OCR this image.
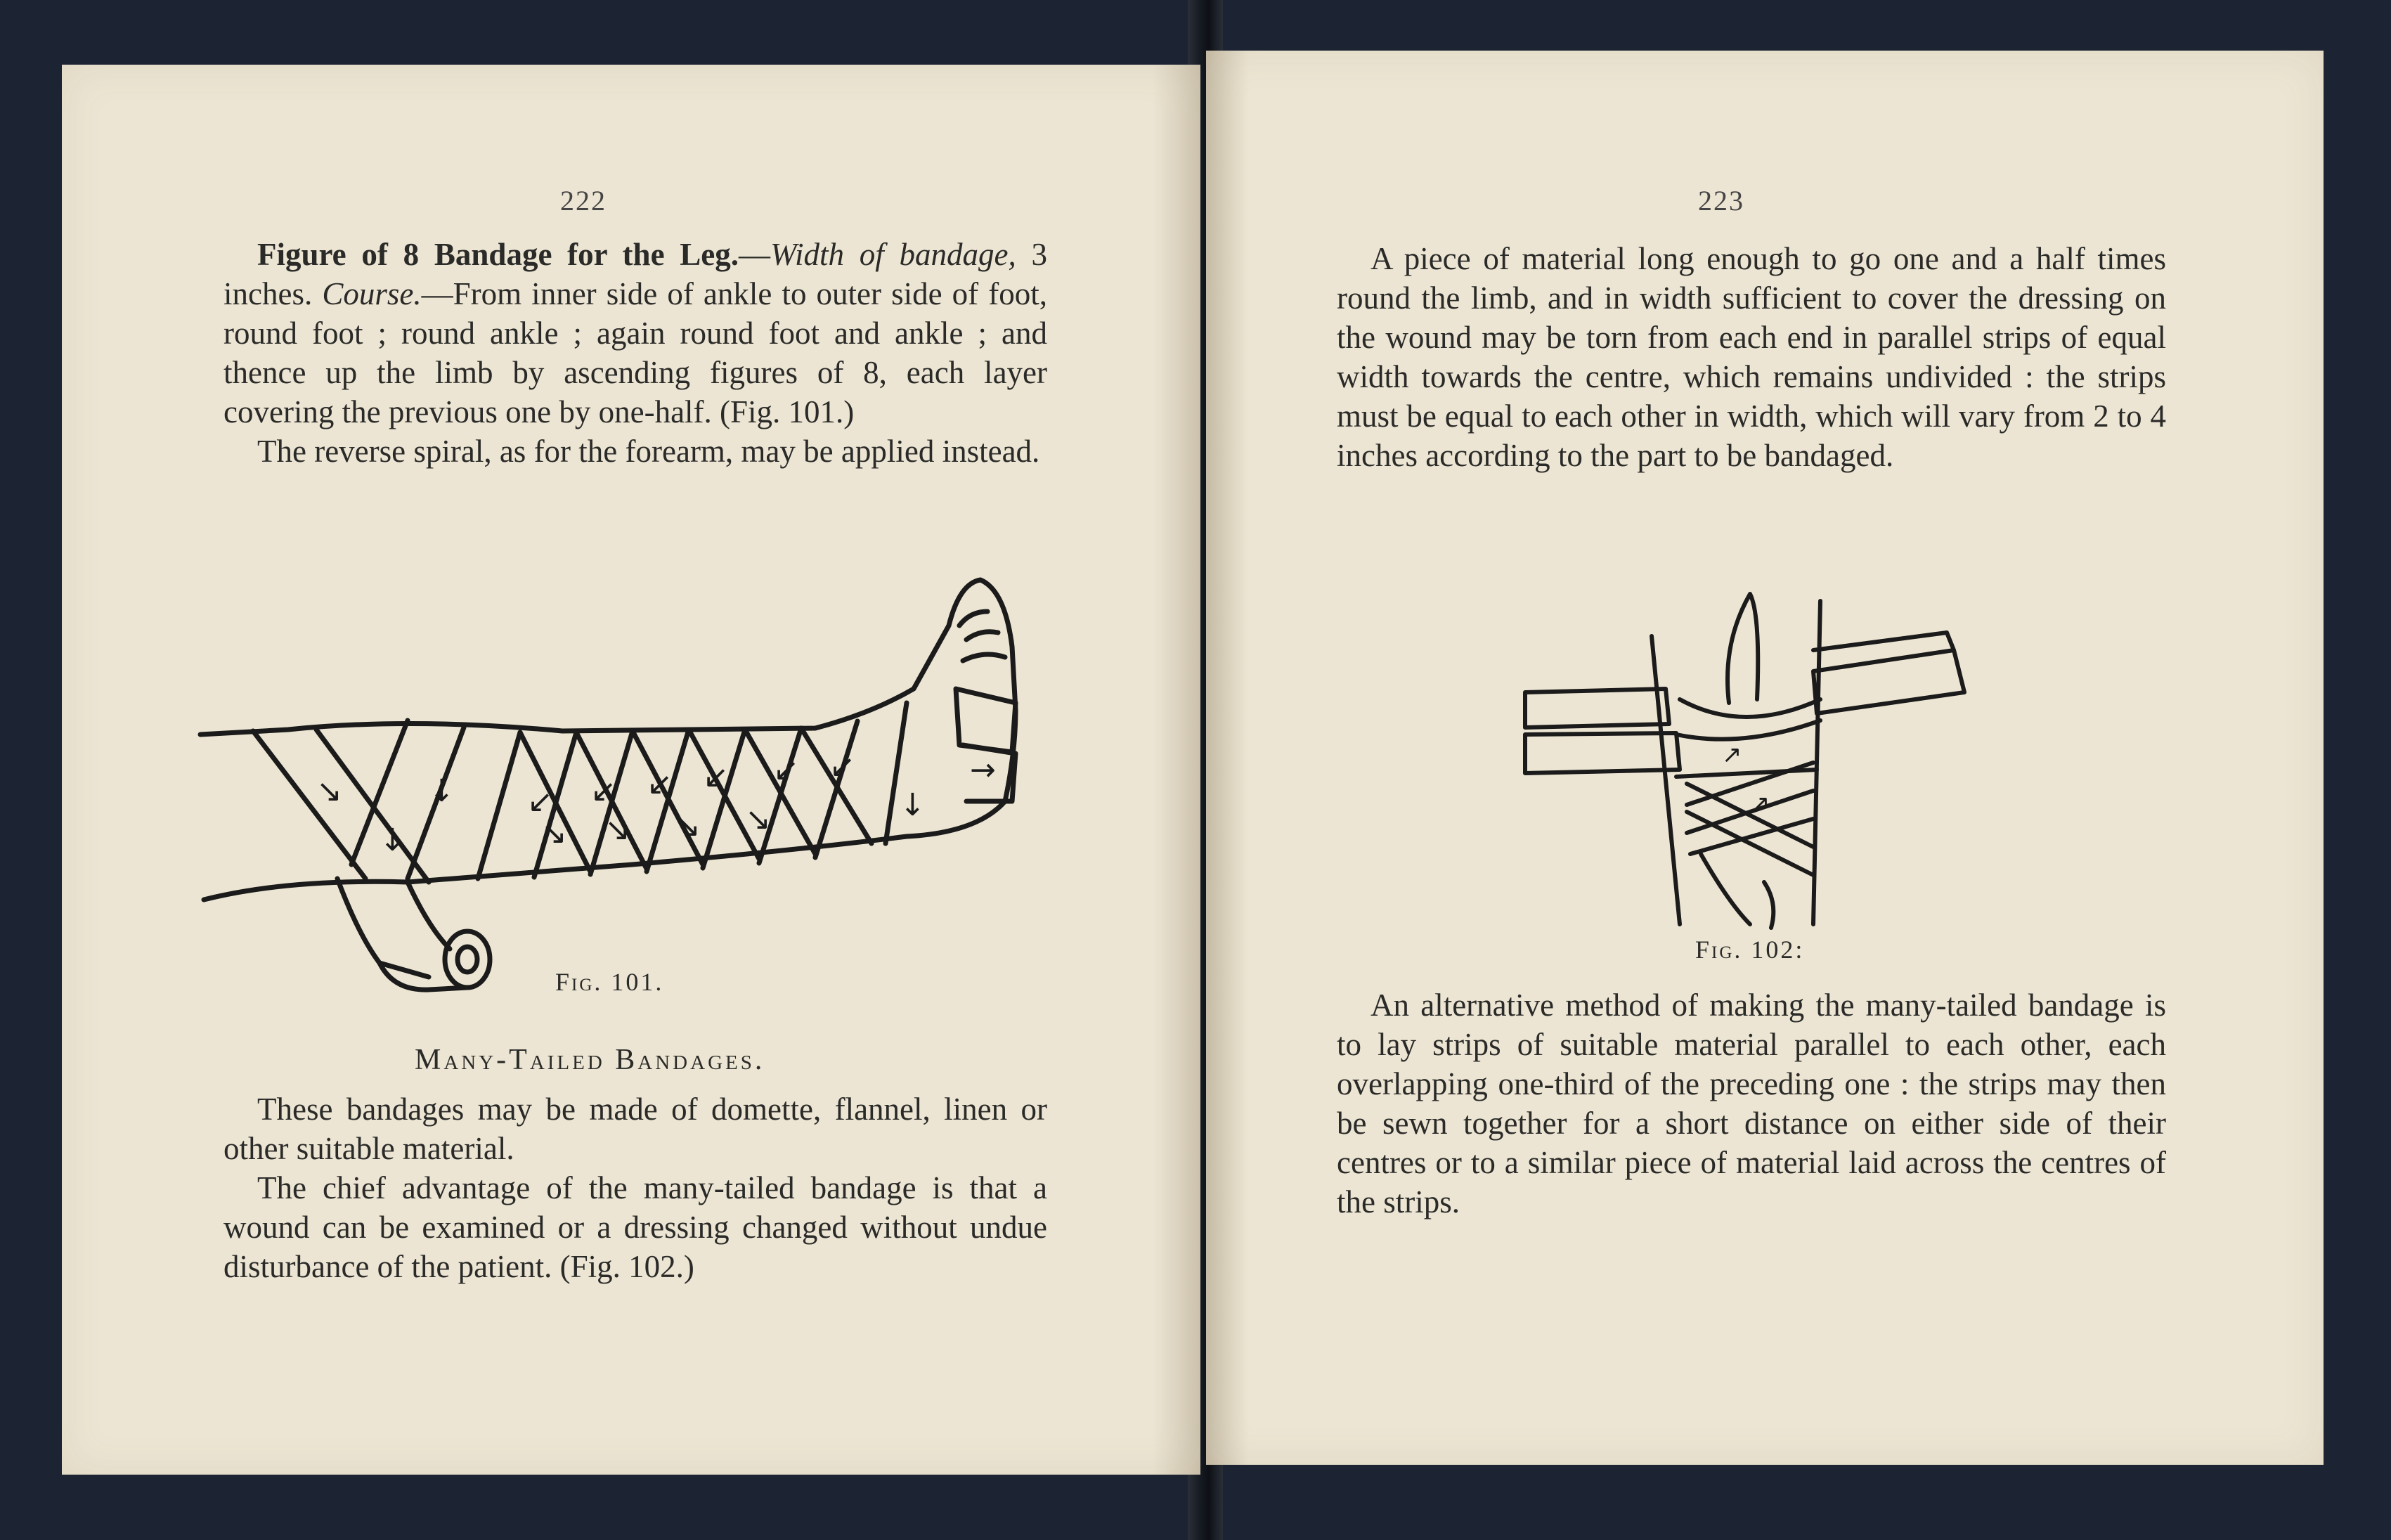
222

Figure of 8 Bandage for the Leg.—Width of bandage, 3 inches. Course.—From inner side of ankle to outer side of foot, round foot ; round ankle ; again round foot and ankle ; and thence up the limb by ascending figures of 8, each layer covering the previous one by one-half. (Fig. 101.)

The reverse spiral, as for the forearm, may be applied instead.

↘	↓ ↙ ↙ ↙ ↙ ↙ ↙
↘ ↘ ↘ ↘	↓
→
↓
Fig. 101.
Many-Tailed Bandages.

These bandages may be made of domette, flannel, linen or other suitable material.

The chief advantage of the many-tailed bandage is that a wound can be examined or a dressing changed without undue disturbance of the patient. (Fig. 102.)

223

A piece of material long enough to go one and a half times round the limb, and in width sufficient to cover the dressing on the wound may be torn from each end in parallel strips of equal width towards the centre, which remains undivided : the strips must be equal to each other in width, which will vary from 2 to 4 inches according to the part to be bandaged.

↗
↗
Fig. 102:

An alternative method of making the many-tailed bandage is to lay strips of suitable material parallel to each other, each overlapping one-third of the preceding one : the strips may then be sewn together for a short distance on either side of their centres or to a similar piece of material laid across the centres of the strips.
